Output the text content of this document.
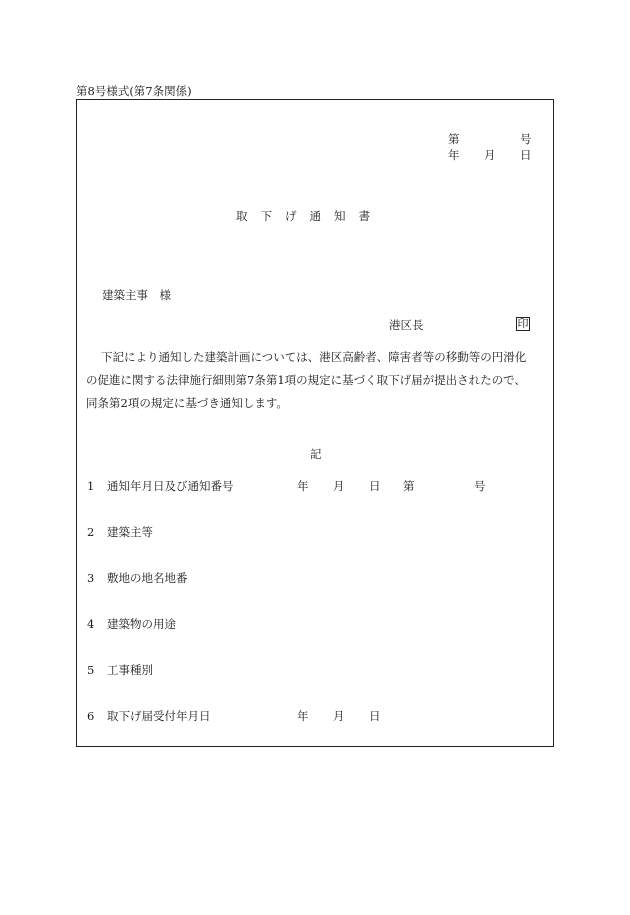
第8号様式(第7条関係)
第	号
年 月 日
取 下 げ 通 知 書
建築主事　様
港区長	印
下記により通知した建築計画については、港区高齢者、障害者等の移動等の円滑化
の促進に関する法律施行細則第7条第1項の規定に基づく取下げ届が提出されたので、
同条第2項の規定に基づき通知します。
記
1 通知年月日及び通知番号	年 月 日 第	号
2 建築主等
3 敷地の地名地番
4 建築物の用途
5 工事種別
6 取下げ届受付年月日	年 月 日
